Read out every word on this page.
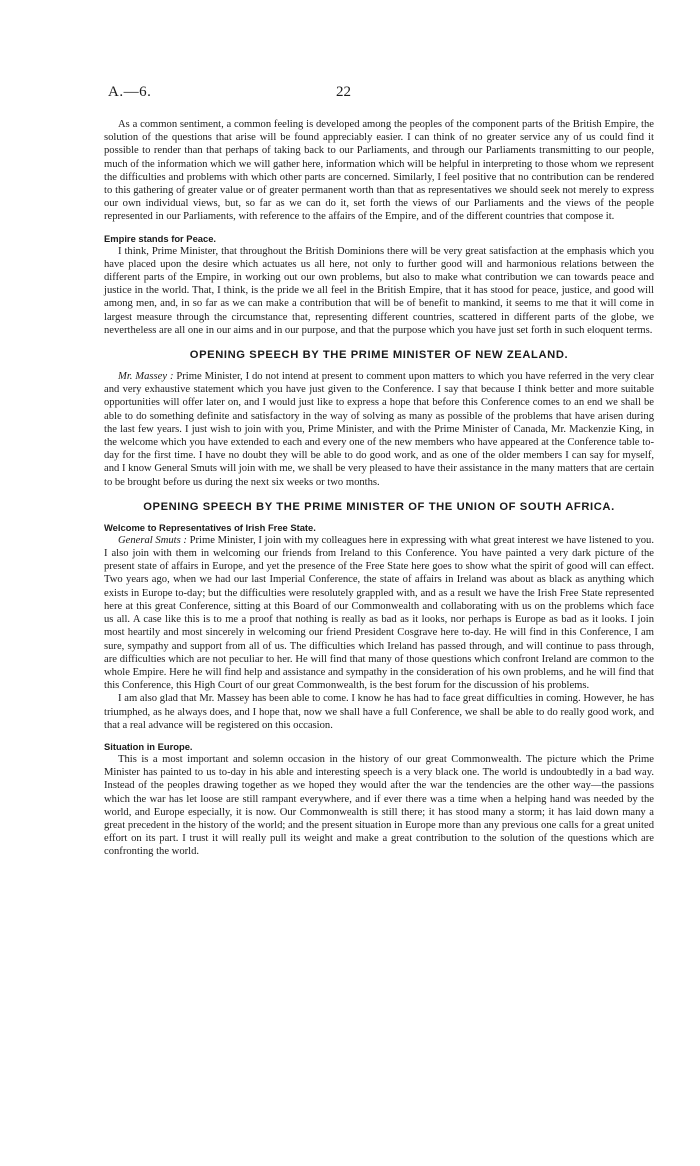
A.—6.	22

As a common sentiment, a common feeling is developed among the peoples of the component parts of the British Empire, the solution of the questions that arise will be found appreciably easier. I can think of no greater service any of us could find it possible to render than that perhaps of taking back to our Parliaments, and through our Parliaments transmitting to our people, much of the information which we will gather here, information which will be helpful in interpreting to those whom we represent the difficulties and problems with which other parts are concerned. Similarly, I feel positive that no contribution can be rendered to this gathering of greater value or of greater permanent worth than that as representatives we should seek not merely to express our own individual views, but, so far as we can do it, set forth the views of our Parliaments and the views of the people represented in our Parliaments, with reference to the affairs of the Empire, and of the different countries that compose it.

Empire stands for Peace.

I think, Prime Minister, that throughout the British Dominions there will be very great satisfaction at the emphasis which you have placed upon the desire which actuates us all here, not only to further good will and harmonious relations between the different parts of the Empire, in working out our own problems, but also to make what contribution we can towards peace and justice in the world. That, I think, is the pride we all feel in the British Empire, that it has stood for peace, justice, and good will among men, and, in so far as we can make a contribution that will be of benefit to mankind, it seems to me that it will come in largest measure through the circumstance that, representing different countries, scattered in different parts of the globe, we nevertheless are all one in our aims and in our purpose, and that the purpose which you have just set forth in such eloquent terms.

OPENING SPEECH BY THE PRIME MINISTER OF NEW ZEALAND.

Mr. Massey : Prime Minister, I do not intend at present to comment upon matters to which you have referred in the very clear and very exhaustive statement which you have just given to the Conference. I say that because I think better and more suitable opportunities will offer later on, and I would just like to express a hope that before this Conference comes to an end we shall be able to do something definite and satisfactory in the way of solving as many as possible of the problems that have arisen during the last few years. I just wish to join with you, Prime Minister, and with the Prime Minister of Canada, Mr. Mackenzie King, in the welcome which you have extended to each and every one of the new members who have appeared at the Conference table to-day for the first time. I have no doubt they will be able to do good work, and as one of the older members I can say for myself, and I know General Smuts will join with me, we shall be very pleased to have their assistance in the many matters that are certain to be brought before us during the next six weeks or two months.

OPENING SPEECH BY THE PRIME MINISTER OF THE UNION OF SOUTH AFRICA.
Welcome to Representatives of Irish Free State.

General Smuts : Prime Minister, I join with my colleagues here in expressing with what great interest we have listened to you. I also join with them in welcoming our friends from Ireland to this Conference. You have painted a very dark picture of the present state of affairs in Europe, and yet the presence of the Free State here goes to show what the spirit of good will can effect. Two years ago, when we had our last Imperial Conference, the state of affairs in Ireland was about as black as anything which exists in Europe to-day; but the difficulties were resolutely grappled with, and as a result we have the Irish Free State represented here at this great Conference, sitting at this Board of our Commonwealth and collaborating with us on the problems which face us all. A case like this is to me a proof that nothing is really as bad as it looks, nor perhaps is Europe as bad as it looks. I join most heartily and most sincerely in welcoming our friend President Cosgrave here to-day. He will find in this Conference, I am sure, sympathy and support from all of us. The difficulties which Ireland has passed through, and will continue to pass through, are difficulties which are not peculiar to her. He will find that many of those questions which confront Ireland are common to the whole Empire. Here he will find help and assistance and sympathy in the consideration of his own problems, and he will find that this Conference, this High Court of our great Commonwealth, is the best forum for the discussion of his problems.

I am also glad that Mr. Massey has been able to come. I know he has had to face great difficulties in coming. However, he has triumphed, as he always does, and I hope that, now we shall have a full Conference, we shall be able to do really good work, and that a real advance will be registered on this occasion.

Situation in Europe.

This is a most important and solemn occasion in the history of our great Commonwealth. The picture which the Prime Minister has painted to us to-day in his able and interesting speech is a very black one. The world is undoubtedly in a bad way. Instead of the peoples drawing together as we hoped they would after the war the tendencies are the other way—the passions which the war has let loose are still rampant everywhere, and if ever there was a time when a helping hand was needed by the world, and Europe especially, it is now. Our Commonwealth is still there; it has stood many a storm; it has laid down many a great precedent in the history of the world; and the present situation in Europe more than any previous one calls for a great united effort on its part. I trust it will really pull its weight and make a great contribution to the solution of the questions which are confronting the world.
